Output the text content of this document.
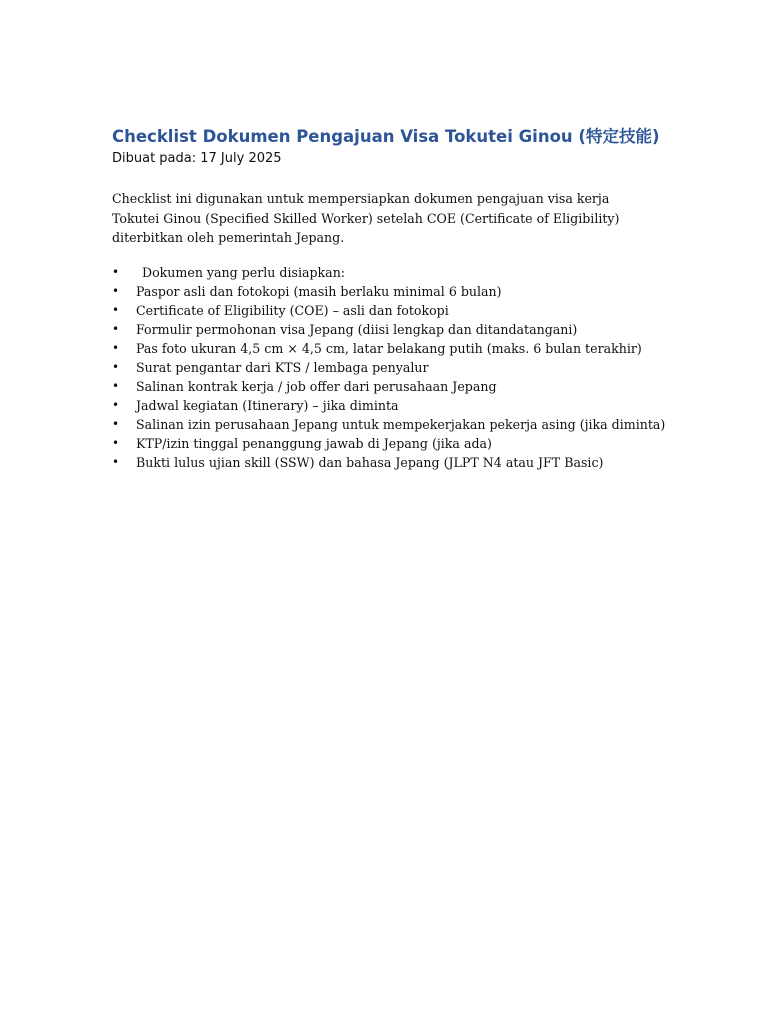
Checklist Dokumen Pengajuan Visa Tokutei Ginou (特定技能)

Dibuat pada: 17 July 2025

Checklist ini digunakan untuk mempersiapkan dokumen pengajuan visa kerja Tokutei Ginou (Specified Skilled Worker) setelah COE (Certificate of Eligibility) diterbitkan oleh pemerintah Jepang.

•	Dokumen yang perlu disiapkan:
•	Paspor asli dan fotokopi (masih berlaku minimal 6 bulan)
•	Certificate of Eligibility (COE) – asli dan fotokopi
•	Formulir permohonan visa Jepang (diisi lengkap dan ditandatangani)
•	Pas foto ukuran 4,5 cm × 4,5 cm, latar belakang putih (maks. 6 bulan terakhir)
•	Surat pengantar dari KTS / lembaga penyalur
•	Salinan kontrak kerja / job offer dari perusahaan Jepang
•	Jadwal kegiatan (Itinerary) – jika diminta
•	Salinan izin perusahaan Jepang untuk mempekerjakan pekerja asing (jika diminta)
•	KTP/izin tinggal penanggung jawab di Jepang (jika ada)
•	Bukti lulus ujian skill (SSW) dan bahasa Jepang (JLPT N4 atau JFT Basic)
